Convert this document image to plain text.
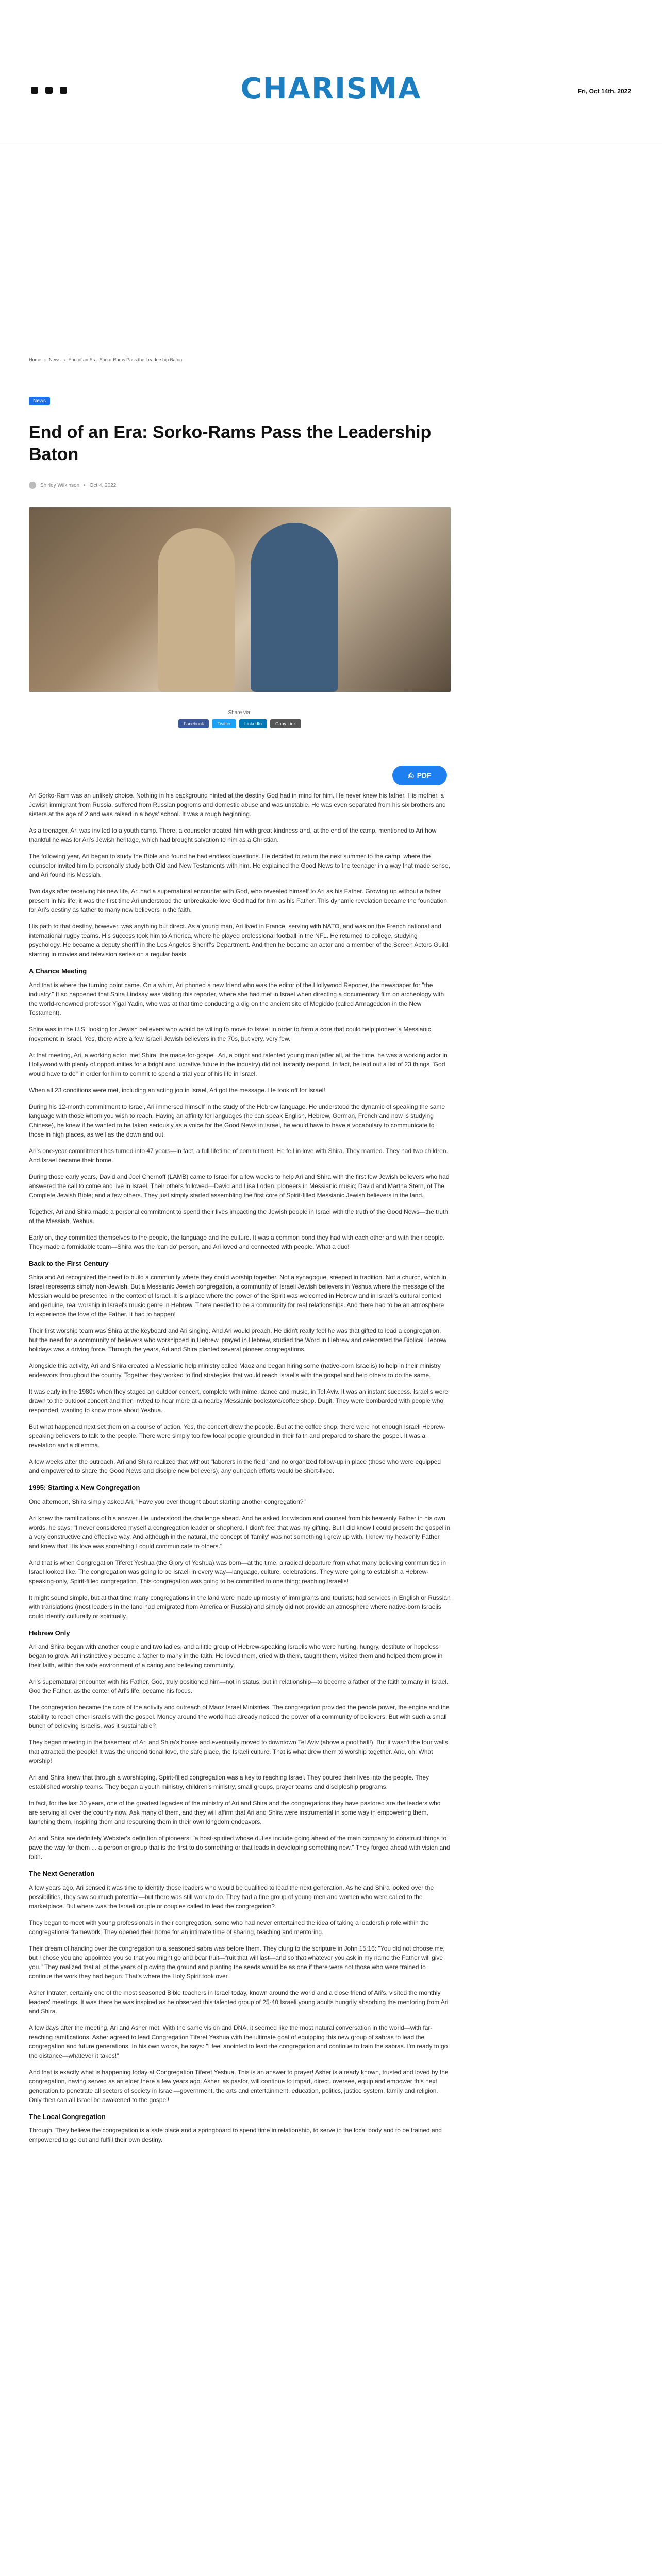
CHARISMA	Fri, Oct 14th, 2022
Home › News › End of an Era: Sorko-Rams Pass the Leadership Baton
News
End of an Era: Sorko-Rams Pass the Leadership Baton
Shirley Wilkinson • Oct 4, 2022
Share via:
Facebook	Twitter	LinkedIn	Copy Link
⎙ PDF

Ari Sorko-Ram was an unlikely choice. Nothing in his background hinted at the destiny God had in mind for him. He never knew his father. His mother, a Jewish immigrant from Russia, suffered from Russian pogroms and domestic abuse and was unstable. He was even separated from his six brothers and sisters at the age of 2 and was raised in a boys' school. It was a rough beginning.

As a teenager, Ari was invited to a youth camp. There, a counselor treated him with great kindness and, at the end of the camp, mentioned to Ari how thankful he was for Ari's Jewish heritage, which had brought salvation to him as a Christian.

The following year, Ari began to study the Bible and found he had endless questions. He decided to return the next summer to the camp, where the counselor invited him to personally study both Old and New Testaments with him. He explained the Good News to the teenager in a way that made sense, and Ari found his Messiah.

Two days after receiving his new life, Ari had a supernatural encounter with God, who revealed himself to Ari as his Father. Growing up without a father present in his life, it was the first time Ari understood the unbreakable love God had for him as his Father. This dynamic revelation became the foundation for Ari's destiny as father to many new believers in the faith.

His path to that destiny, however, was anything but direct. As a young man, Ari lived in France, serving with NATO, and was on the French national and international rugby teams. His success took him to America, where he played professional football in the NFL. He returned to college, studying psychology. He became a deputy sheriff in the Los Angeles Sheriff's Department. And then he became an actor and a member of the Screen Actors Guild, starring in movies and television series on a regular basis.

A Chance Meeting

And that is where the turning point came. On a whim, Ari phoned a new friend who was the editor of the Hollywood Reporter, the newspaper for "the industry." It so happened that Shira Lindsay was visiting this reporter, where she had met in Israel when directing a documentary film on archeology with the world-renowned professor Yigal Yadin, who was at that time conducting a dig on the ancient site of Megiddo (called Armageddon in the New Testament).

Shira was in the U.S. looking for Jewish believers who would be willing to move to Israel in order to form a core that could help pioneer a Messianic movement in Israel. Yes, there were a few Israeli Jewish believers in the 70s, but very, very few.

At that meeting, Ari, a working actor, met Shira, the made-for-gospel. Ari, a bright and talented young man (after all, at the time, he was a working actor in Hollywood with plenty of opportunities for a bright and lucrative future in the industry) did not instantly respond. In fact, he laid out a list of 23 things "God would have to do" in order for him to commit to spend a trial year of his life in Israel.

When all 23 conditions were met, including an acting job in Israel, Ari got the message. He took off for Israel!

During his 12-month commitment to Israel, Ari immersed himself in the study of the Hebrew language. He understood the dynamic of speaking the same language with those whom you wish to reach. Having an affinity for languages (he can speak English, Hebrew, German, French and now is studying Chinese), he knew if he wanted to be taken seriously as a voice for the Good News in Israel, he would have to have a vocabulary to communicate to those in high places, as well as the down and out.

Ari's one-year commitment has turned into 47 years—in fact, a full lifetime of commitment. He fell in love with Shira. They married. They had two children. And Israel became their home.

During those early years, David and Joel Chernoff (LAMB) came to Israel for a few weeks to help Ari and Shira with the first few Jewish believers who had answered the call to come and live in Israel. Their others followed—David and Lisa Loden, pioneers in Messianic music; David and Martha Stern, of The Complete Jewish Bible; and a few others. They just simply started assembling the first core of Spirit-filled Messianic Jewish believers in the land.

Together, Ari and Shira made a personal commitment to spend their lives impacting the Jewish people in Israel with the truth of the Good News—the truth of the Messiah, Yeshua.

Early on, they committed themselves to the people, the language and the culture. It was a common bond they had with each other and with their people. They made a formidable team—Shira was the 'can do' person, and Ari loved and connected with people. What a duo!

Back to the First Century

Shira and Ari recognized the need to build a community where they could worship together. Not a synagogue, steeped in tradition. Not a church, which in Israel represents simply non-Jewish. But a Messianic Jewish congregation, a community of Israeli Jewish believers in Yeshua where the message of the Messiah would be presented in the context of Israel. It is a place where the power of the Spirit was welcomed in Hebrew and in Israeli's cultural context and genuine, real worship in Israel's music genre in Hebrew. There needed to be a community for real relationships. And there had to be an atmosphere to experience the love of the Father. It had to happen!

Their first worship team was Shira at the keyboard and Ari singing. And Ari would preach. He didn't really feel he was that gifted to lead a congregation, but the need for a community of believers who worshipped in Hebrew, prayed in Hebrew, studied the Word in Hebrew and celebrated the Biblical Hebrew holidays was a driving force. Through the years, Ari and Shira planted several pioneer congregations.

Alongside this activity, Ari and Shira created a Messianic help ministry called Maoz and began hiring some (native-born Israelis) to help in their ministry endeavors throughout the country. Together they worked to find strategies that would reach Israelis with the gospel and help others to do the same.

It was early in the 1980s when they staged an outdoor concert, complete with mime, dance and music, in Tel Aviv. It was an instant success. Israelis were drawn to the outdoor concert and then invited to hear more at a nearby Messianic bookstore/coffee shop. Dugit. They were bombarded with people who responded, wanting to know more about Yeshua.

But what happened next set them on a course of action. Yes, the concert drew the people. But at the coffee shop, there were not enough Israeli Hebrew-speaking believers to talk to the people. There were simply too few local people grounded in their faith and prepared to share the gospel. It was a revelation and a dilemma.

A few weeks after the outreach, Ari and Shira realized that without "laborers in the field" and no organized follow-up in place (those who were equipped and empowered to share the Good News and disciple new believers), any outreach efforts would be short-lived.

1995: Starting a New Congregation

One afternoon, Shira simply asked Ari, "Have you ever thought about starting another congregation?"

Ari knew the ramifications of his answer. He understood the challenge ahead. And he asked for wisdom and counsel from his heavenly Father in his own words, he says: "I never considered myself a congregation leader or shepherd. I didn't feel that was my gifting. But I did know I could present the gospel in a very constructive and effective way. And although in the natural, the concept of 'family' was not something I grew up with, I knew my heavenly Father and knew that His love was something I could communicate to others."

And that is when Congregation Tiferet Yeshua (the Glory of Yeshua) was born—at the time, a radical departure from what many believing communities in Israel looked like. The congregation was going to be Israeli in every way—language, culture, celebrations. They were going to establish a Hebrew-speaking-only, Spirit-filled congregation. This congregation was going to be committed to one thing: reaching Israelis!

It might sound simple, but at that time many congregations in the land were made up mostly of immigrants and tourists; had services in English or Russian with translations (most leaders in the land had emigrated from America or Russia) and simply did not provide an atmosphere where native-born Israelis could identify culturally or spiritually.

Hebrew Only

Ari and Shira began with another couple and two ladies, and a little group of Hebrew-speaking Israelis who were hurting, hungry, destitute or hopeless began to grow. Ari instinctively became a father to many in the faith. He loved them, cried with them, taught them, visited them and helped them grow in their faith, within the safe environment of a caring and believing community.

Ari's supernatural encounter with his Father, God, truly positioned him—not in status, but in relationship—to become a father of the faith to many in Israel. God the Father, as the center of Ari's life, became his focus.

The congregation became the core of the activity and outreach of Maoz Israel Ministries. The congregation provided the people power, the engine and the stability to reach other Israelis with the gospel. Money around the world had already noticed the power of a community of believers. But with such a small bunch of believing Israelis, was it sustainable?

They began meeting in the basement of Ari and Shira's house and eventually moved to downtown Tel Aviv (above a pool hall!). But it wasn't the four walls that attracted the people! It was the unconditional love, the safe place, the Israeli culture. That is what drew them to worship together. And, oh! What worship!

Ari and Shira knew that through a worshipping, Spirit-filled congregation was a key to reaching Israel. They poured their lives into the people. They established worship teams. They began a youth ministry, children's ministry, small groups, prayer teams and discipleship programs.

In fact, for the last 30 years, one of the greatest legacies of the ministry of Ari and Shira and the congregations they have pastored are the leaders who are serving all over the country now. Ask many of them, and they will affirm that Ari and Shira were instrumental in some way in empowering them, launching them, inspiring them and resourcing them in their own kingdom endeavors.

Ari and Shira are definitely Webster's definition of pioneers: "a host-spirited whose duties include going ahead of the main company to construct things to pave the way for them ... a person or group that is the first to do something or that leads in developing something new." They forged ahead with vision and faith.

The Next Generation

A few years ago, Ari sensed it was time to identify those leaders who would be qualified to lead the next generation. As he and Shira looked over the possibilities, they saw so much potential—but there was still work to do. They had a fine group of young men and women who were called to the marketplace. But where was the Israeli couple or couples called to lead the congregation?

They began to meet with young professionals in their congregation, some who had never entertained the idea of taking a leadership role within the congregational framework. They opened their home for an intimate time of sharing, teaching and mentoring.

Their dream of handing over the congregation to a seasoned sabra was before them. They clung to the scripture in John 15:16: "You did not choose me, but I chose you and appointed you so that you might go and bear fruit—fruit that will last—and so that whatever you ask in my name the Father will give you." They realized that all of the years of plowing the ground and planting the seeds would be as one if there were not those who were trained to continue the work they had begun. That's where the Holy Spirit took over.

Asher Intrater, certainly one of the most seasoned Bible teachers in Israel today, known around the world and a close friend of Ari's, visited the monthly leaders' meetings. It was there he was inspired as he observed this talented group of 25-40 Israeli young adults hungrily absorbing the mentoring from Ari and Shira.

A few days after the meeting, Ari and Asher met. With the same vision and DNA, it seemed like the most natural conversation in the world—with far-reaching ramifications. Asher agreed to lead Congregation Tiferet Yeshua with the ultimate goal of equipping this new group of sabras to lead the congregation and future generations. In his own words, he says: "I feel anointed to lead the congregation and continue to train the sabras. I'm ready to go the distance—whatever it takes!"

And that is exactly what is happening today at Congregation Tiferet Yeshua. This is an answer to prayer! Asher is already known, trusted and loved by the congregation, having served as an elder there a few years ago. Asher, as pastor, will continue to impart, direct, oversee, equip and empower this next generation to penetrate all sectors of society in Israel—government, the arts and entertainment, education, politics, justice system, family and religion. Only then can all Israel be awakened to the gospel!

The Local Congregation

Through. They believe the congregation is a safe place and a springboard to spend time in relationship, to serve in the local body and to be trained and empowered to go out and fulfill their own destiny.
